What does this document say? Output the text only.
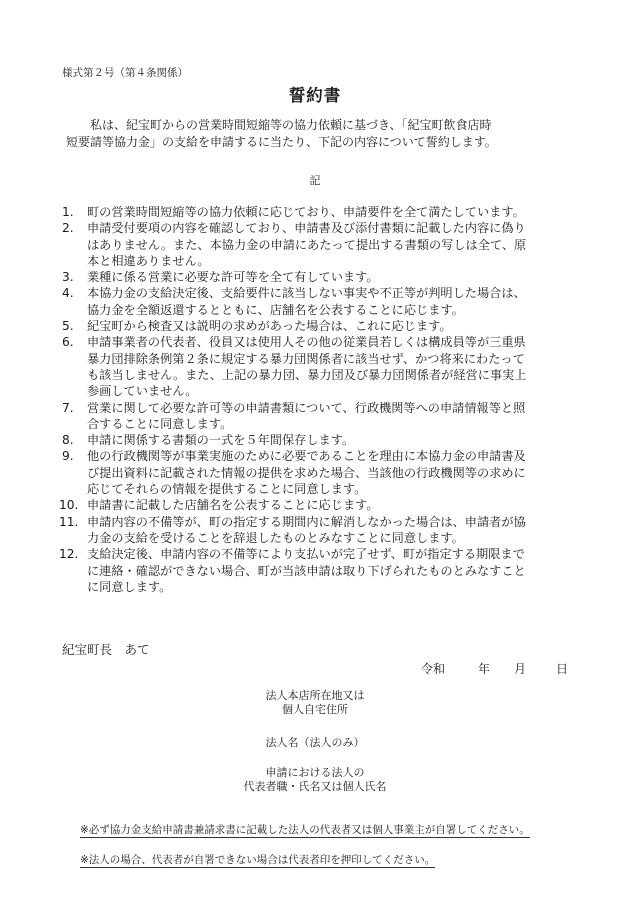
様式第２号（第４条関係）
誓約書
私は、紀宝町からの営業時間短縮等の協力依頼に基づき、「紀宝町飲食店時
短要請等協力金」の支給を申請するに当たり、下記の内容について誓約します。
記
1. 町の営業時間短縮等の協力依頼に応じており、申請要件を全て満たしています。
2. 申請受付要項の内容を確認しており、申請書及び添付書類に記載した内容に偽り
はありません。また、本協力金の申請にあたって提出する書類の写しは全て、原
本と相違ありません。
3. 業種に係る営業に必要な許可等を全て有しています。
4. 本協力金の支給決定後、支給要件に該当しない事実や不正等が判明した場合は、
協力金を全額返還するとともに、店舗名を公表することに応じます。
5. 紀宝町から検査又は説明の求めがあった場合は、これに応じます。
6. 申請事業者の代表者、役員又は使用人その他の従業員若しくは構成員等が三重県
暴力団排除条例第２条に規定する暴力団関係者に該当せず、かつ将来にわたって
も該当しません。また、上記の暴力団、暴力団及び暴力団関係者が経営に事実上
参画していません。
7. 営業に関して必要な許可等の申請書類について、行政機関等への申請情報等と照
合することに同意します。
8. 申請に関係する書類の一式を５年間保存します。
9. 他の行政機関等が事業実施のために必要であることを理由に本協力金の申請書及
び提出資料に記載された情報の提供を求めた場合、当該他の行政機関等の求めに
応じてそれらの情報を提供することに同意します。
10. 申請書に記載した店舗名を公表することに応じます。
11. 申請内容の不備等が、町の指定する期間内に解消しなかった場合は、申請者が協
力金の支給を受けることを辞退したものとみなすことに同意します。
12. 支給決定後、申請内容の不備等により支払いが完了せず、町が指定する期限まで
に連絡・確認ができない場合、町が当該申請は取り下げられたものとみなすこと
に同意します。
紀宝町長　あて
令和	年 月 日
法人本店所在地又は
個人自宅住所
法人名（法人のみ）
申請における法人の
代表者職・氏名又は個人氏名
※必ず協力金支給申請書兼請求書に記載した法人の代表者又は個人事業主が自署してください。
※法人の場合、代表者が自署できない場合は代表者印を押印してください。
